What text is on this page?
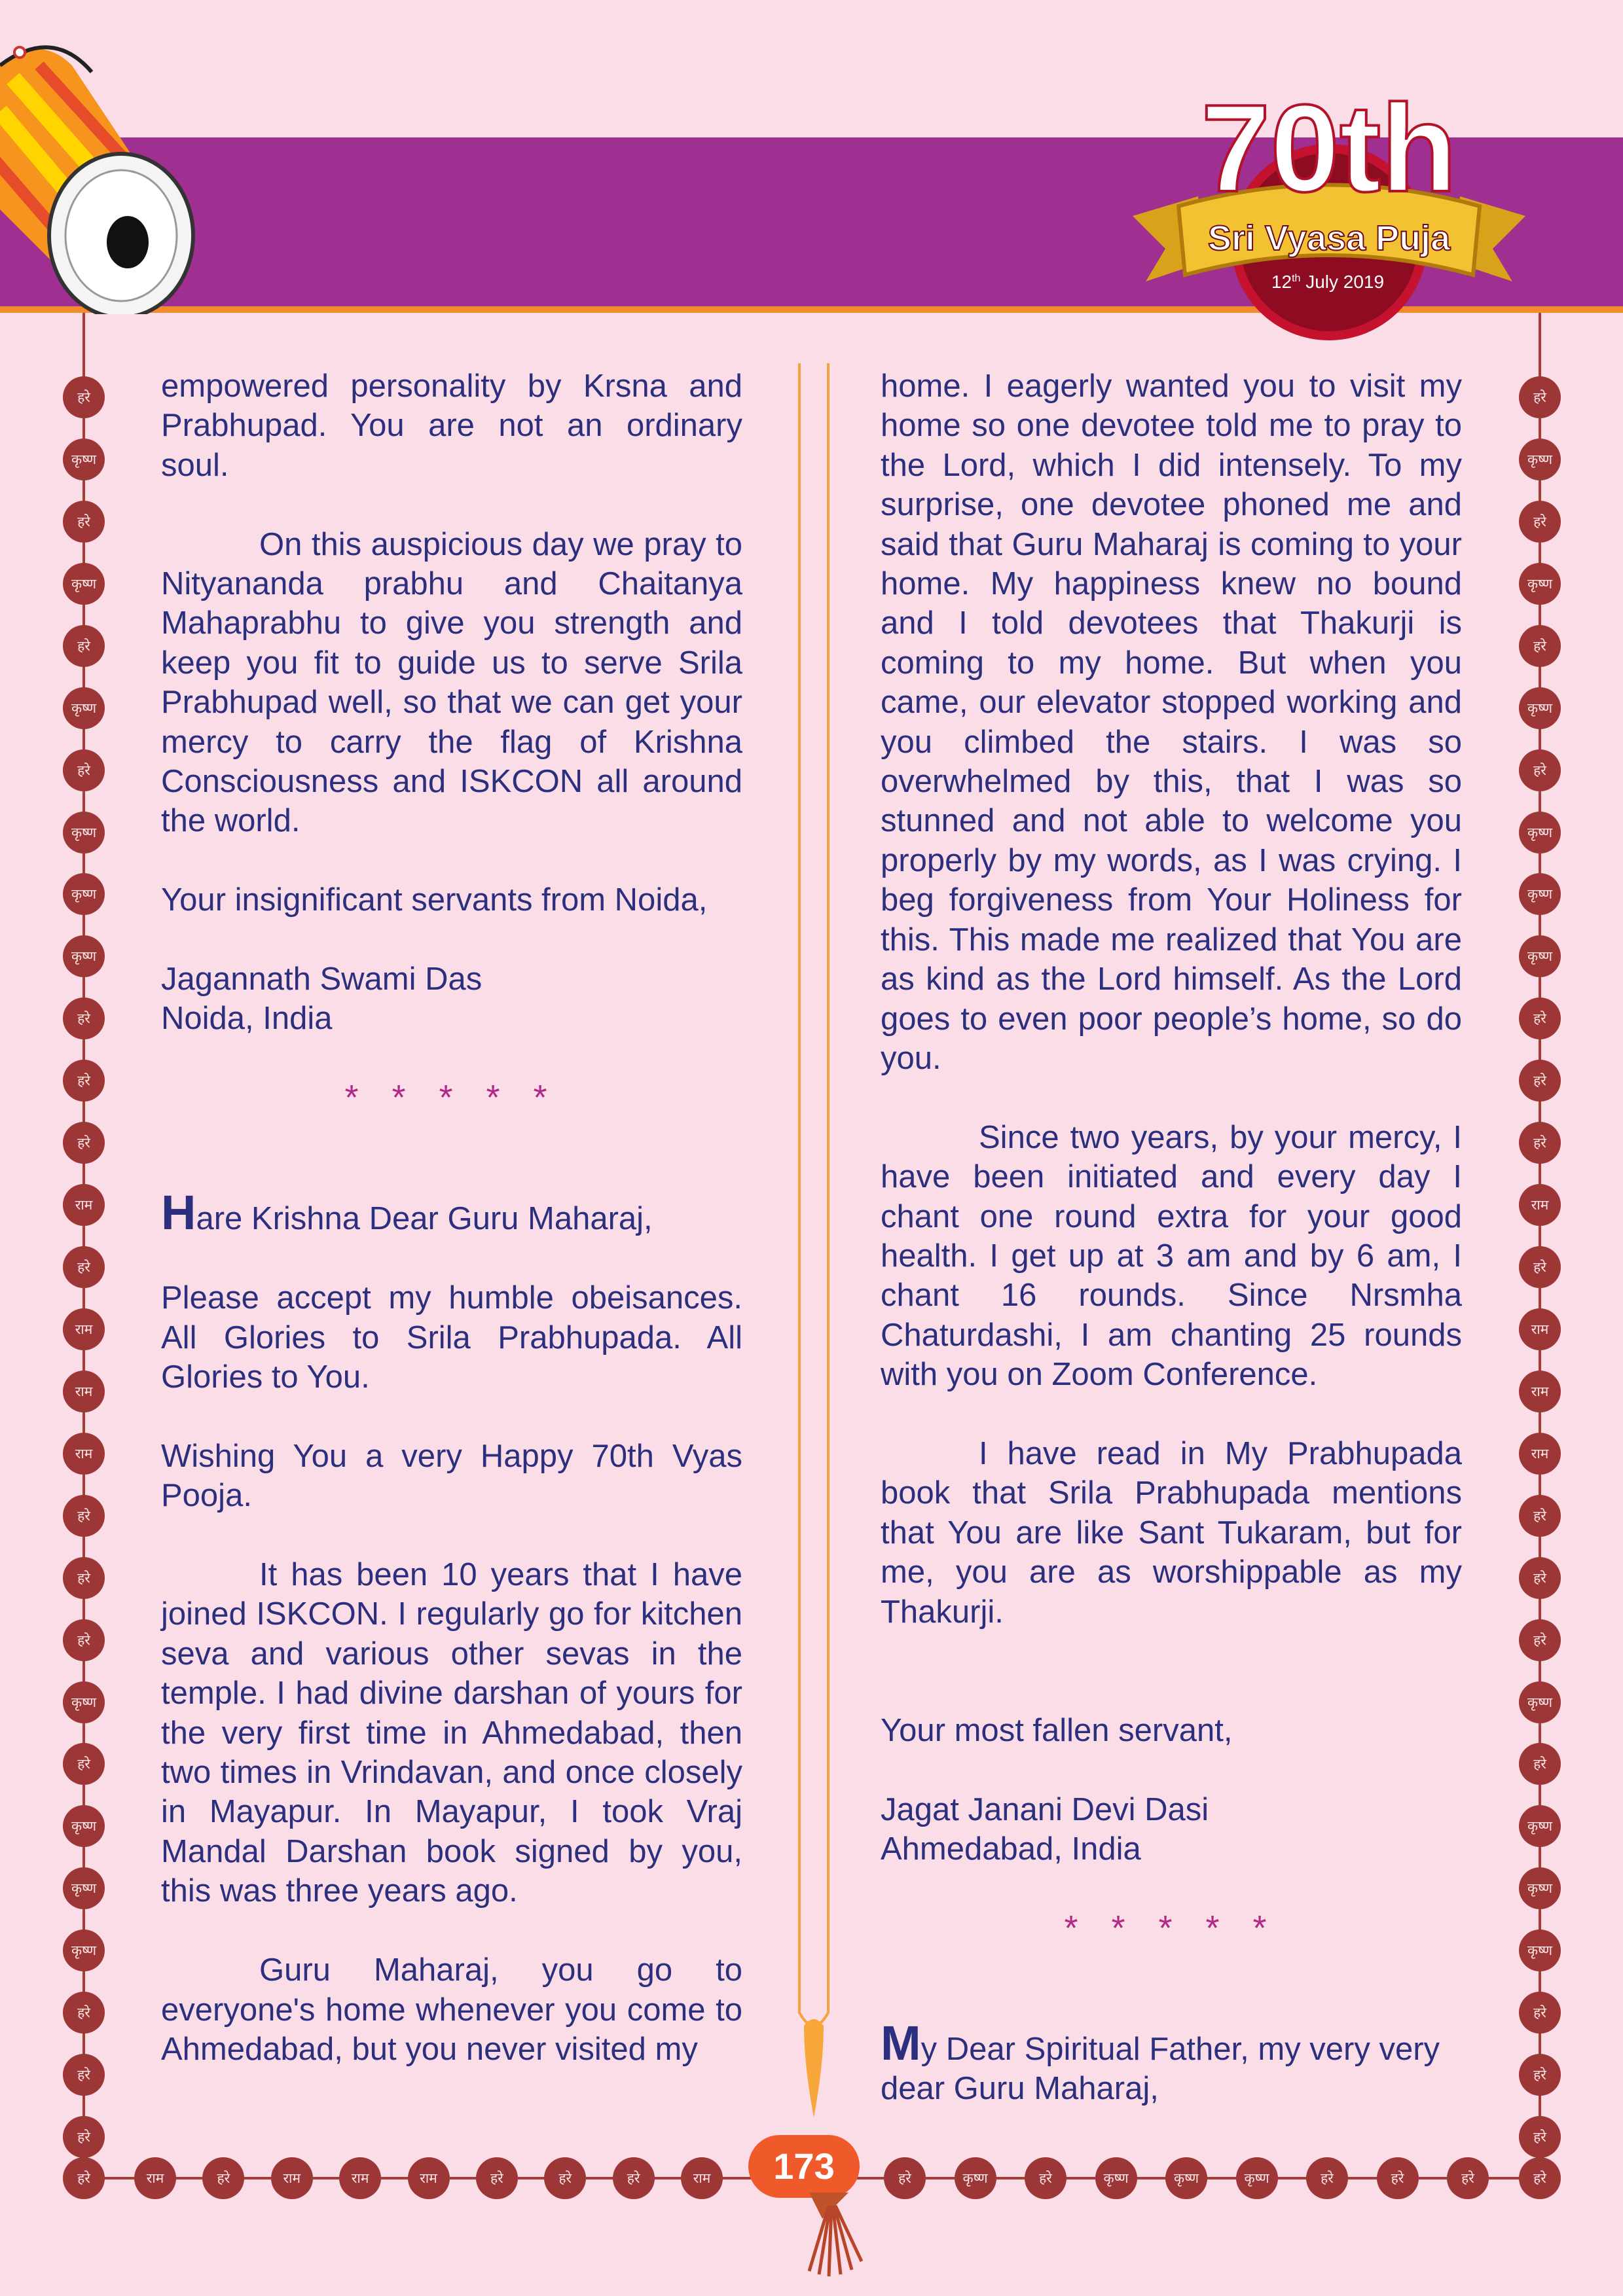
70th
Sri Vyasa Puja
12th July 2019
हरे
कृष्ण
हरे
कृष्ण
हरे
कृष्ण
हरे
कृष्ण
कृष्ण
कृष्ण
हरे
हरे
हरे
राम
हरे
राम
राम
राम
हरे
हरे
हरे
कृष्ण
हरे
कृष्ण
कृष्ण
कृष्ण
हरे
हरे
हरे
हरे
कृष्ण
हरे
कृष्ण
हरे
कृष्ण
हरे
कृष्ण
कृष्ण
कृष्ण
हरे
हरे
हरे
राम
हरे
राम
राम
राम
हरे
हरे
हरे
कृष्ण
हरे
कृष्ण
कृष्ण
कृष्ण
हरे
हरे
हरे
हरे	हरे
राम	हरे	राम	राम	राम	हरे	हरे	हरे	राम	हरे	कृष्ण	हरे	कृष्ण	कृष्ण	कृष्ण	हरे	हरे	हरे

empowered personality by Krsna and Prabhupad. You are not an ordinary soul.

On this auspicious day we pray to Nityananda prabhu and Chaitanya Mahaprabhu to give you strength and keep you fit to guide us to serve Srila Prabhupad well, so that we can get your mercy to carry the flag of Krishna Consciousness and ISKCON all around the world.

Your insignificant servants from Noida,

Jagannath Swami Das
Noida, India

* * * * *

Hare Krishna Dear Guru Maharaj,

Please accept my humble obeisances. All Glories to Srila Prabhupada. All Glories to You.

Wishing You a very Happy 70th Vyas Pooja.

It has been 10 years that I have joined ISKCON. I regularly go for kitchen seva and various other sevas in the temple. I had divine darshan of yours for the very first time in Ahmedabad, then two times in Vrindavan, and once closely in Mayapur. In Mayapur, I took Vraj Mandal Darshan book signed by you, this was three years ago.

Guru Maharaj, you go to everyone's home whenever you come to Ahmedabad, but you never visited my

home. I eagerly wanted you to visit my home so one devotee told me to pray to the Lord, which I did intensely. To my surprise, one devotee phoned me and said that Guru Maharaj is coming to your home. My happiness knew no bound and I told devotees that Thakurji is coming to my home. But when you came, our elevator stopped working and you climbed the stairs. I was so overwhelmed by this, that I was so stunned and not able to welcome you properly by my words, as I was crying. I beg forgiveness from Your Holiness for this. This made me realized that You are as kind as the Lord himself. As the Lord goes to even poor people’s home, so do you.

Since two years, by your mercy, I have been initiated and every day I chant one round extra for your good health. I get up at 3 am and by 6 am, I chant 16 rounds. Since Nrsmha Chaturdashi, I am chanting 25 rounds with you on Zoom Conference.

I have read in My Prabhupada book that Srila Prabhupada mentions that You are like Sant Tukaram, but for me, you are as worshippable as my Thakurji.

Your most fallen servant,

Jagat Janani Devi Dasi
Ahmedabad, India

* * * * *

My Dear Spiritual Father, my very very dear Guru Maharaj,

173
